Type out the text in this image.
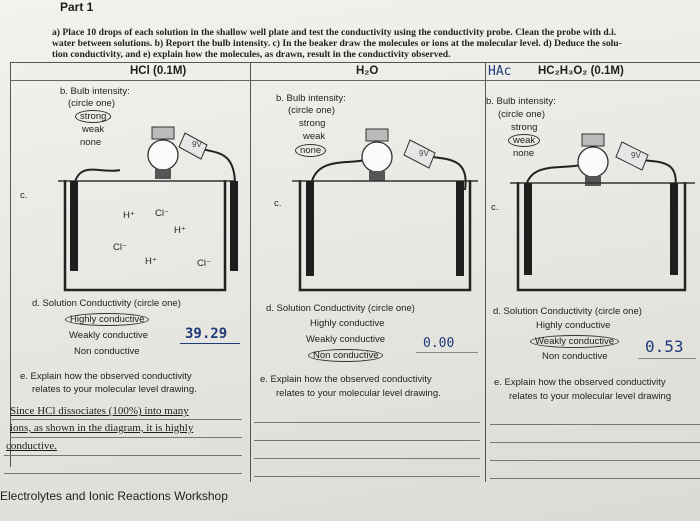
Part 1
a) Place 10 drops of each solution in the shallow well plate and test the conductivity using the conductivity probe. Clean the probe with d.i.
water between solutions. b) Report the bulb intensity. c) In the beaker draw the molecules or ions at the molecular level. d) Deduce the solu-
tion conductivity, and e) explain how the molecules, as drawn, result in the conductivity observed.
HCl (0.1M)	H₂O	HAc HC₂H₃O₂ (0.1M)
b. Bulb intensity:
(circle one)
strong
weak
none	9V
c.
H⁺ Cl⁻
H⁺
Cl⁻
H⁺	Cl⁻
d. Solution Conductivity (circle one)
Highly conductive
Weakly conductive
Non conductive
39.29
e. Explain how the observed conductivity
relates to your molecular level drawing.
Since HCl dissociates (100%) into many
ions, as shown in the diagram, it is highly
conductive.
b. Bulb intensity:
(circle one)
strong
weak
none	9V
c.
d. Solution Conductivity (circle one)
Highly conductive
Weakly conductive
Non conductive
0.00
e. Explain how the observed conductivity
relates to your molecular level drawing.
b. Bulb intensity:
(circle one)
strong
weak
none	9V
c.
d. Solution Conductivity (circle one)
Highly conductive
Weakly conductive
Non conductive
0.53
e. Explain how the observed conductivity
relates to your molecular level drawing
Electrolytes and Ionic Reactions Workshop
